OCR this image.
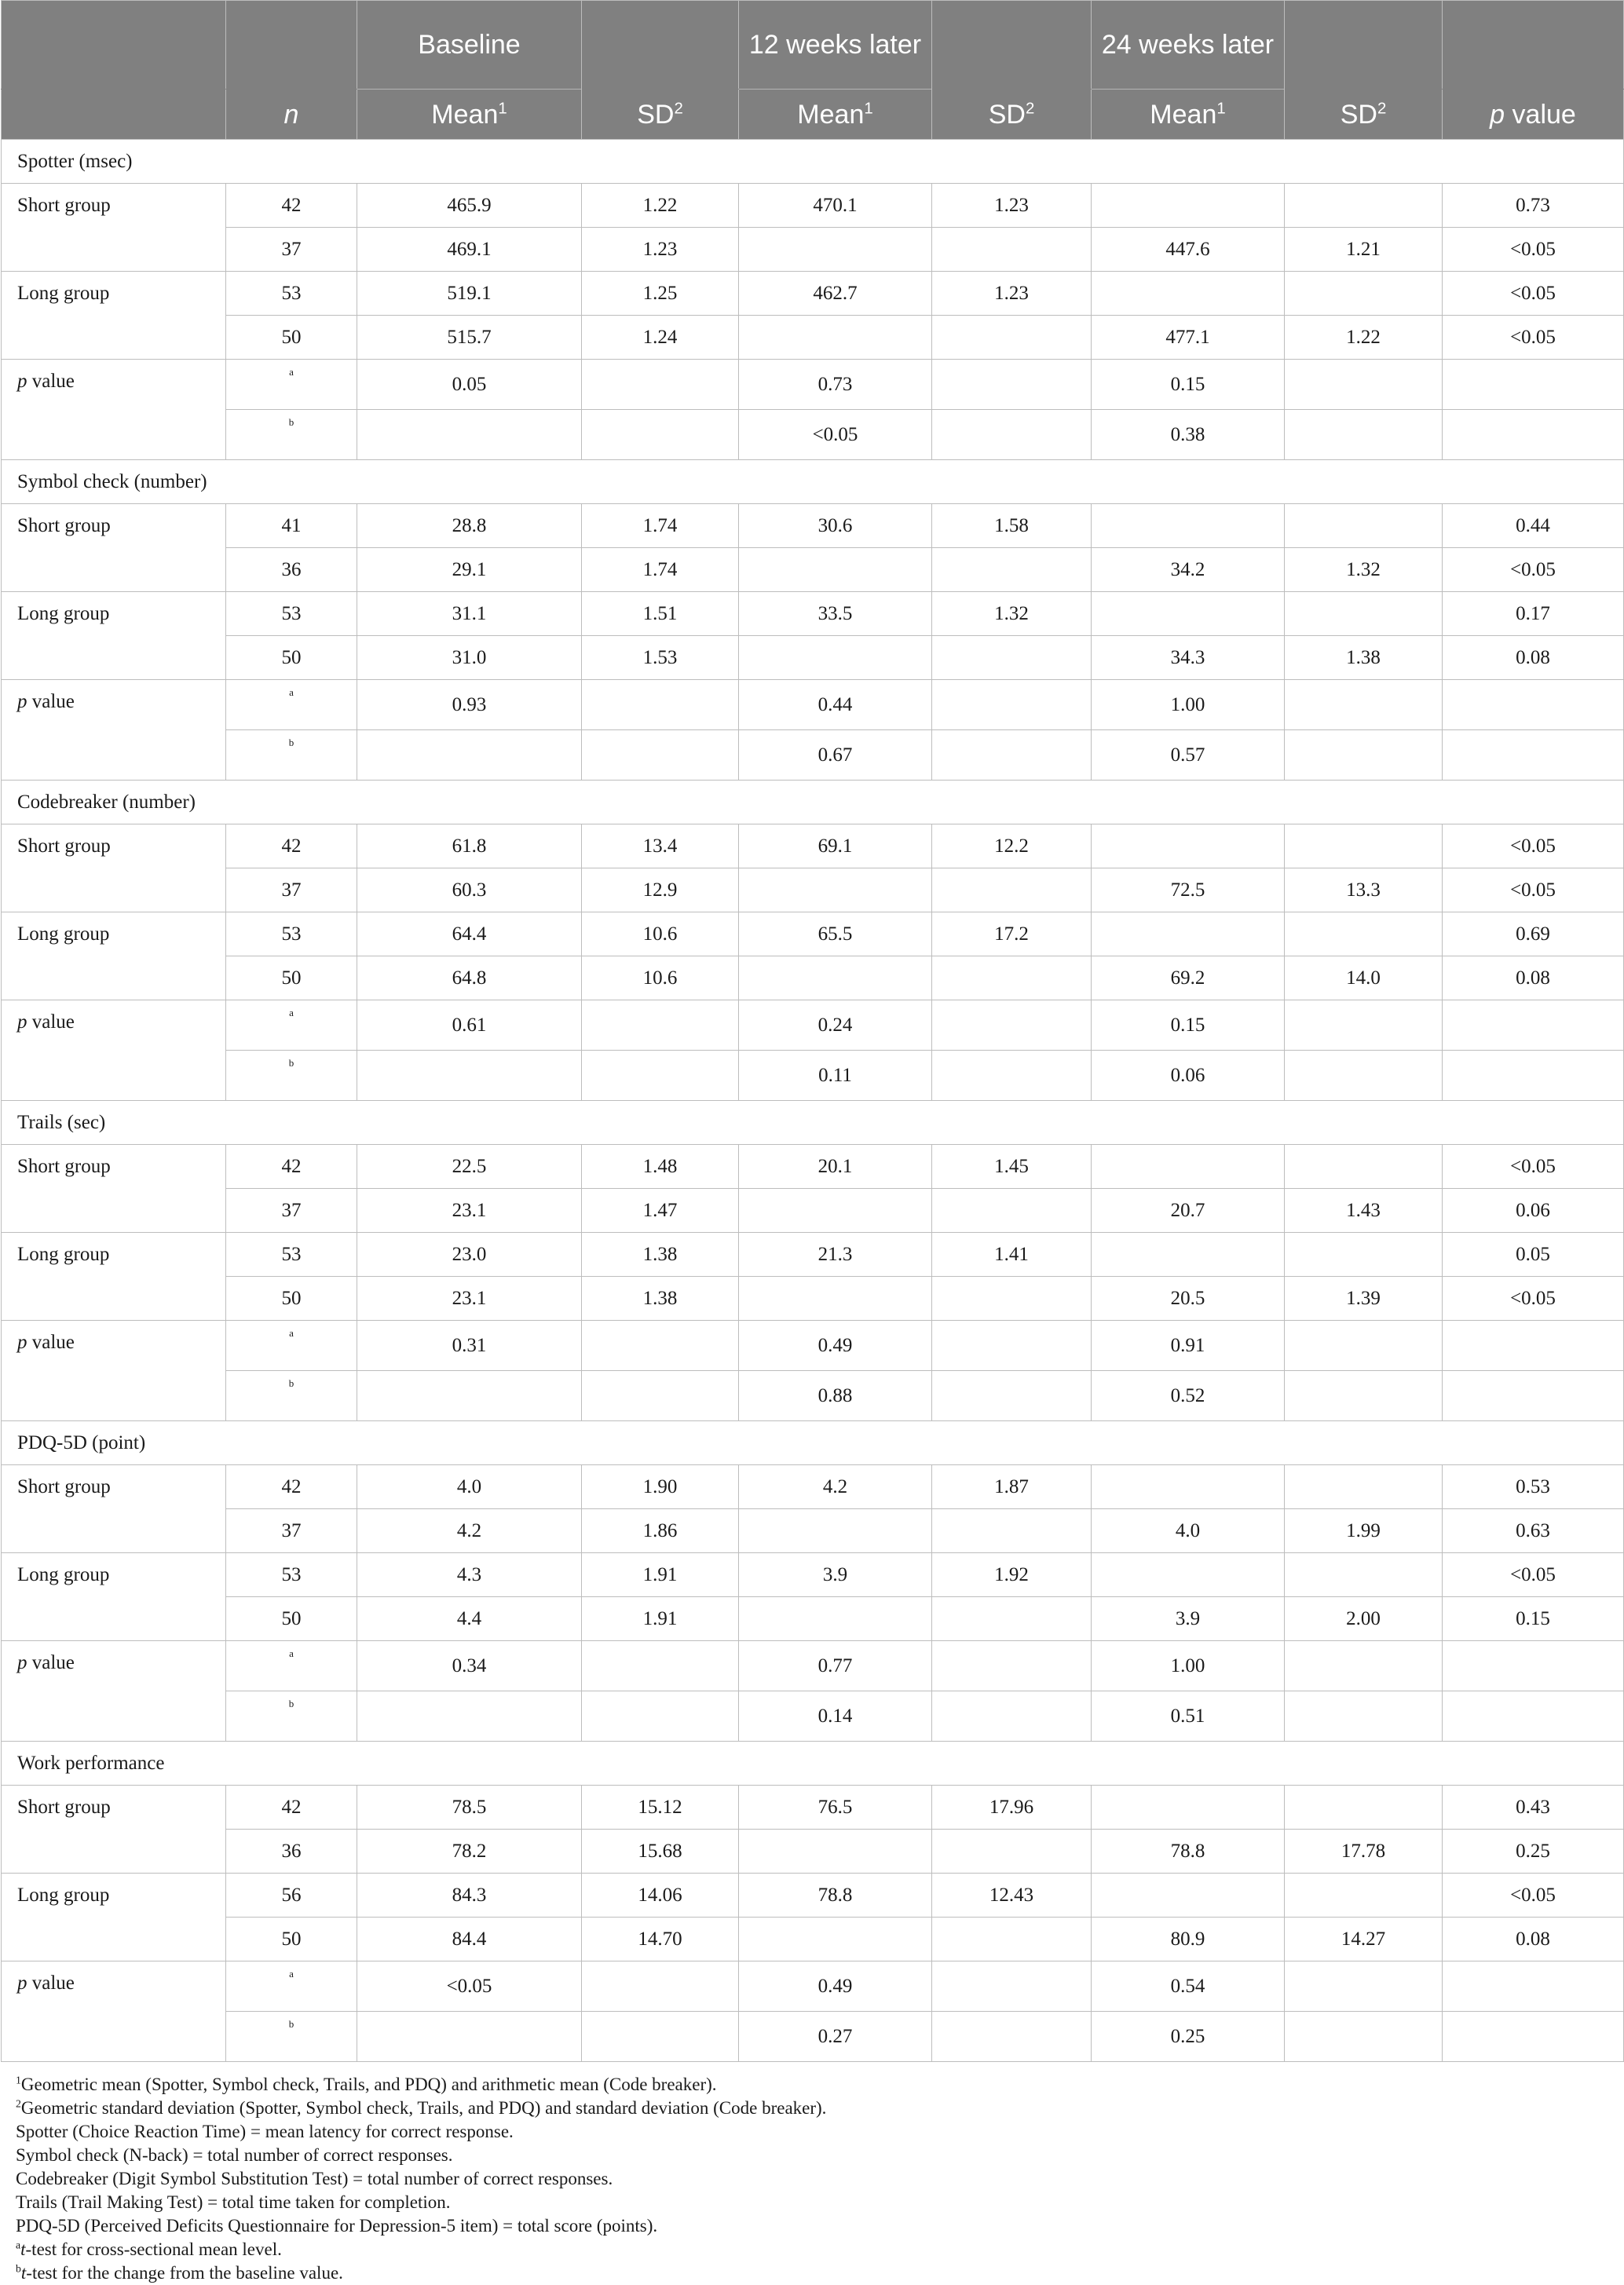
		Baseline		12 weeks later		24 weeks later		
	n	Mean$^1$	$SD^2$	Mean$^1$	$SD^2$	Mean$^1$	$SD^2$	p value
Spotter (msec)								
Short group	42	465.9	1.22	470.1	1.23			0.73
	37	469.1	1.23			447.6	1.21	<0.05
Long group	53	519.1	1.25	462.7	1.23			<0.05
	50	515.7	1.24			477.1	1.22	<0.05
p value	a	0.05		0.73		0.15		
	b			<0.05		0.38		
Symbol check (number)								
Short group	41	28.8	1.74	30.6	1.58			0.44
	36	29.1	1.74			34.2	1.32	<0.05
Long group	53	31.1	1.51	33.5	1.32			0.17
	50	31.0	1.53			34.3	1.38	0.08
p value	a	0.93		0.44		1.00		
	b			0.67		0.57		
Codebreaker (number)								
Short group	42	61.8	13.4	69.1	12.2			<0.05
	37	60.3	12.9			72.5	13.3	<0.05
Long group	53	64.4	10.6	65.5	17.2			0.69
	50	64.8	10.6			69.2	14.0	0.08
p value	a	0.61		0.24		0.15		
	b			0.11		0.06		
Trails (sec)								
Short group	42	22.5	1.48	20.1	1.45			<0.05
	37	23.1	1.47			20.7	1.43	0.06
Long group	53	23.0	1.38	21.3	1.41			0.05
	50	23.1	1.38			20.5	1.39	<0.05
p value	a	0.31		0.49		0.91		
	b			0.88		0.52		
PDQ-5D (point)								
Short group	42	4.0	1.90	4.2	1.87			0.53
	37	4.2	1.86			4.0	1.99	0.63
Long group	53	4.3	1.91	3.9	1.92			<0.05
	50	4.4	1.91			3.9	2.00	0.15
p value	a	0.34		0.77		1.00		
	b			0.14		0.51		
Work performance								
Short group	42	78.5	15.12	76.5	17.96			0.43
	36	78.2	15.68			78.8	17.78	0.25
Long group	56	84.3	14.06	78.8	12.43			<0.05
	50	84.4	14.70			80.9	14.27	0.08
p value	a	<0.05		0.49		0.54		
	b			0.27		0.25		
$^1$Geometric mean (Spotter, Symbol check, Trails, and PDQ) and arithmetic mean (Code breaker).
$^2$Geometric standard deviation (Spotter, Symbol check, Trails, and PDQ) and standard deviation (Code breaker).
Spotter (Choice Reaction Time) = mean latency for correct response.
Symbol check (N-back) = total number of correct responses.
Codebreaker (Digit Symbol Substitution Test) = total number of correct responses.
Trails (Trail Making Test) = total time taken for completion.
PDQ-5D (Perceived Deficits Questionnaire for Depression-5 item) = total score (points).
$^a$t-test for cross-sectional mean level.
$^b$t-test for the change from the baseline value.
